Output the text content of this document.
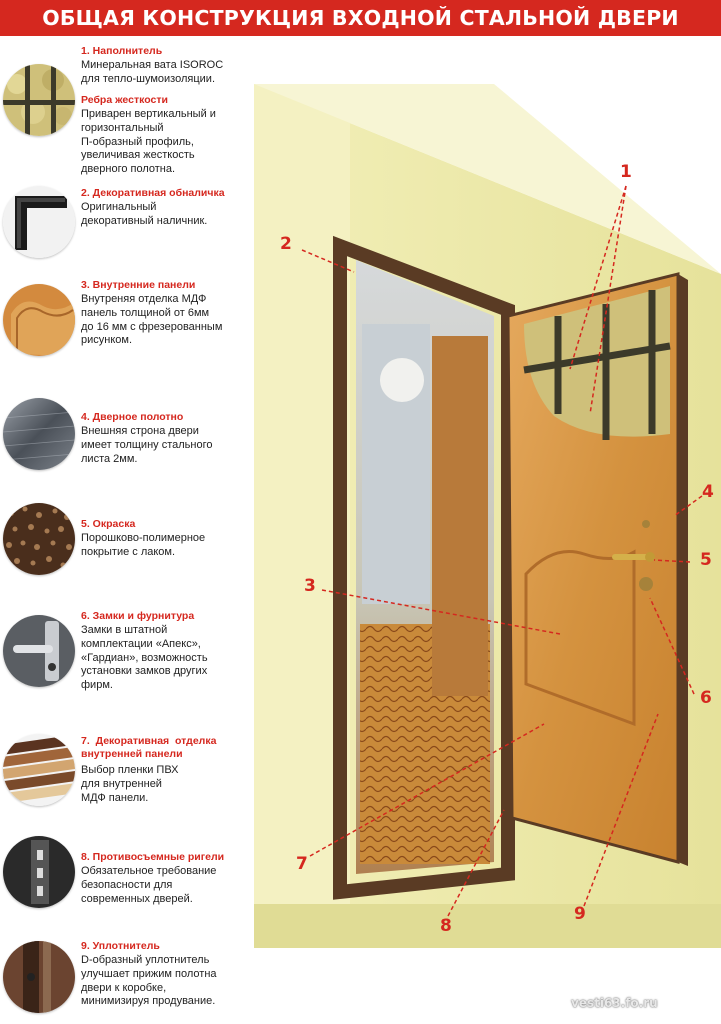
ОБЩАЯ КОНСТРУКЦИЯ ВХОДНОЙ СТАЛЬНОЙ ДВЕРИ
1. Наполнитель
Минеральная вата ISOROC
для тепло-шумоизоляции.
Ребра жесткости
Приварен вертикальный и
горизонтальный
П-образный профиль,
увеличивая жесткость
дверного полотна.
2. Декоративная обналичка
Оригинальный
декоративный наличник.
3. Внутренние панели
Внутреняя отделка МДФ
панель толщиной от 6мм
до 16 мм с фрезерованным
рисунком.
4. Дверное полотно
Внешняя строна двери
имеет толщину стального
листа 2мм.
5. Окраска
Порошково-полимерное
покрытие с лаком.
6. Замки и фурнитура
Замки в штатной
комплектации «Апекс»,
«Гардиан», возможность
установки замков других
фирм.
7.  Декоративная  отделка
внутренней панели
Выбор пленки ПВХ
для внутренней
МДФ панели.
8. Противосъемные ригели
Обязательное требование
безопасности для
современных дверей.
9. Уплотнитель
D-образный уплотнитель
улучшает прижим полотна
двери к коробке,
минимизируя продувание.
1
2
3
4
5
6
7
8
9
vesti63.fo.ru
